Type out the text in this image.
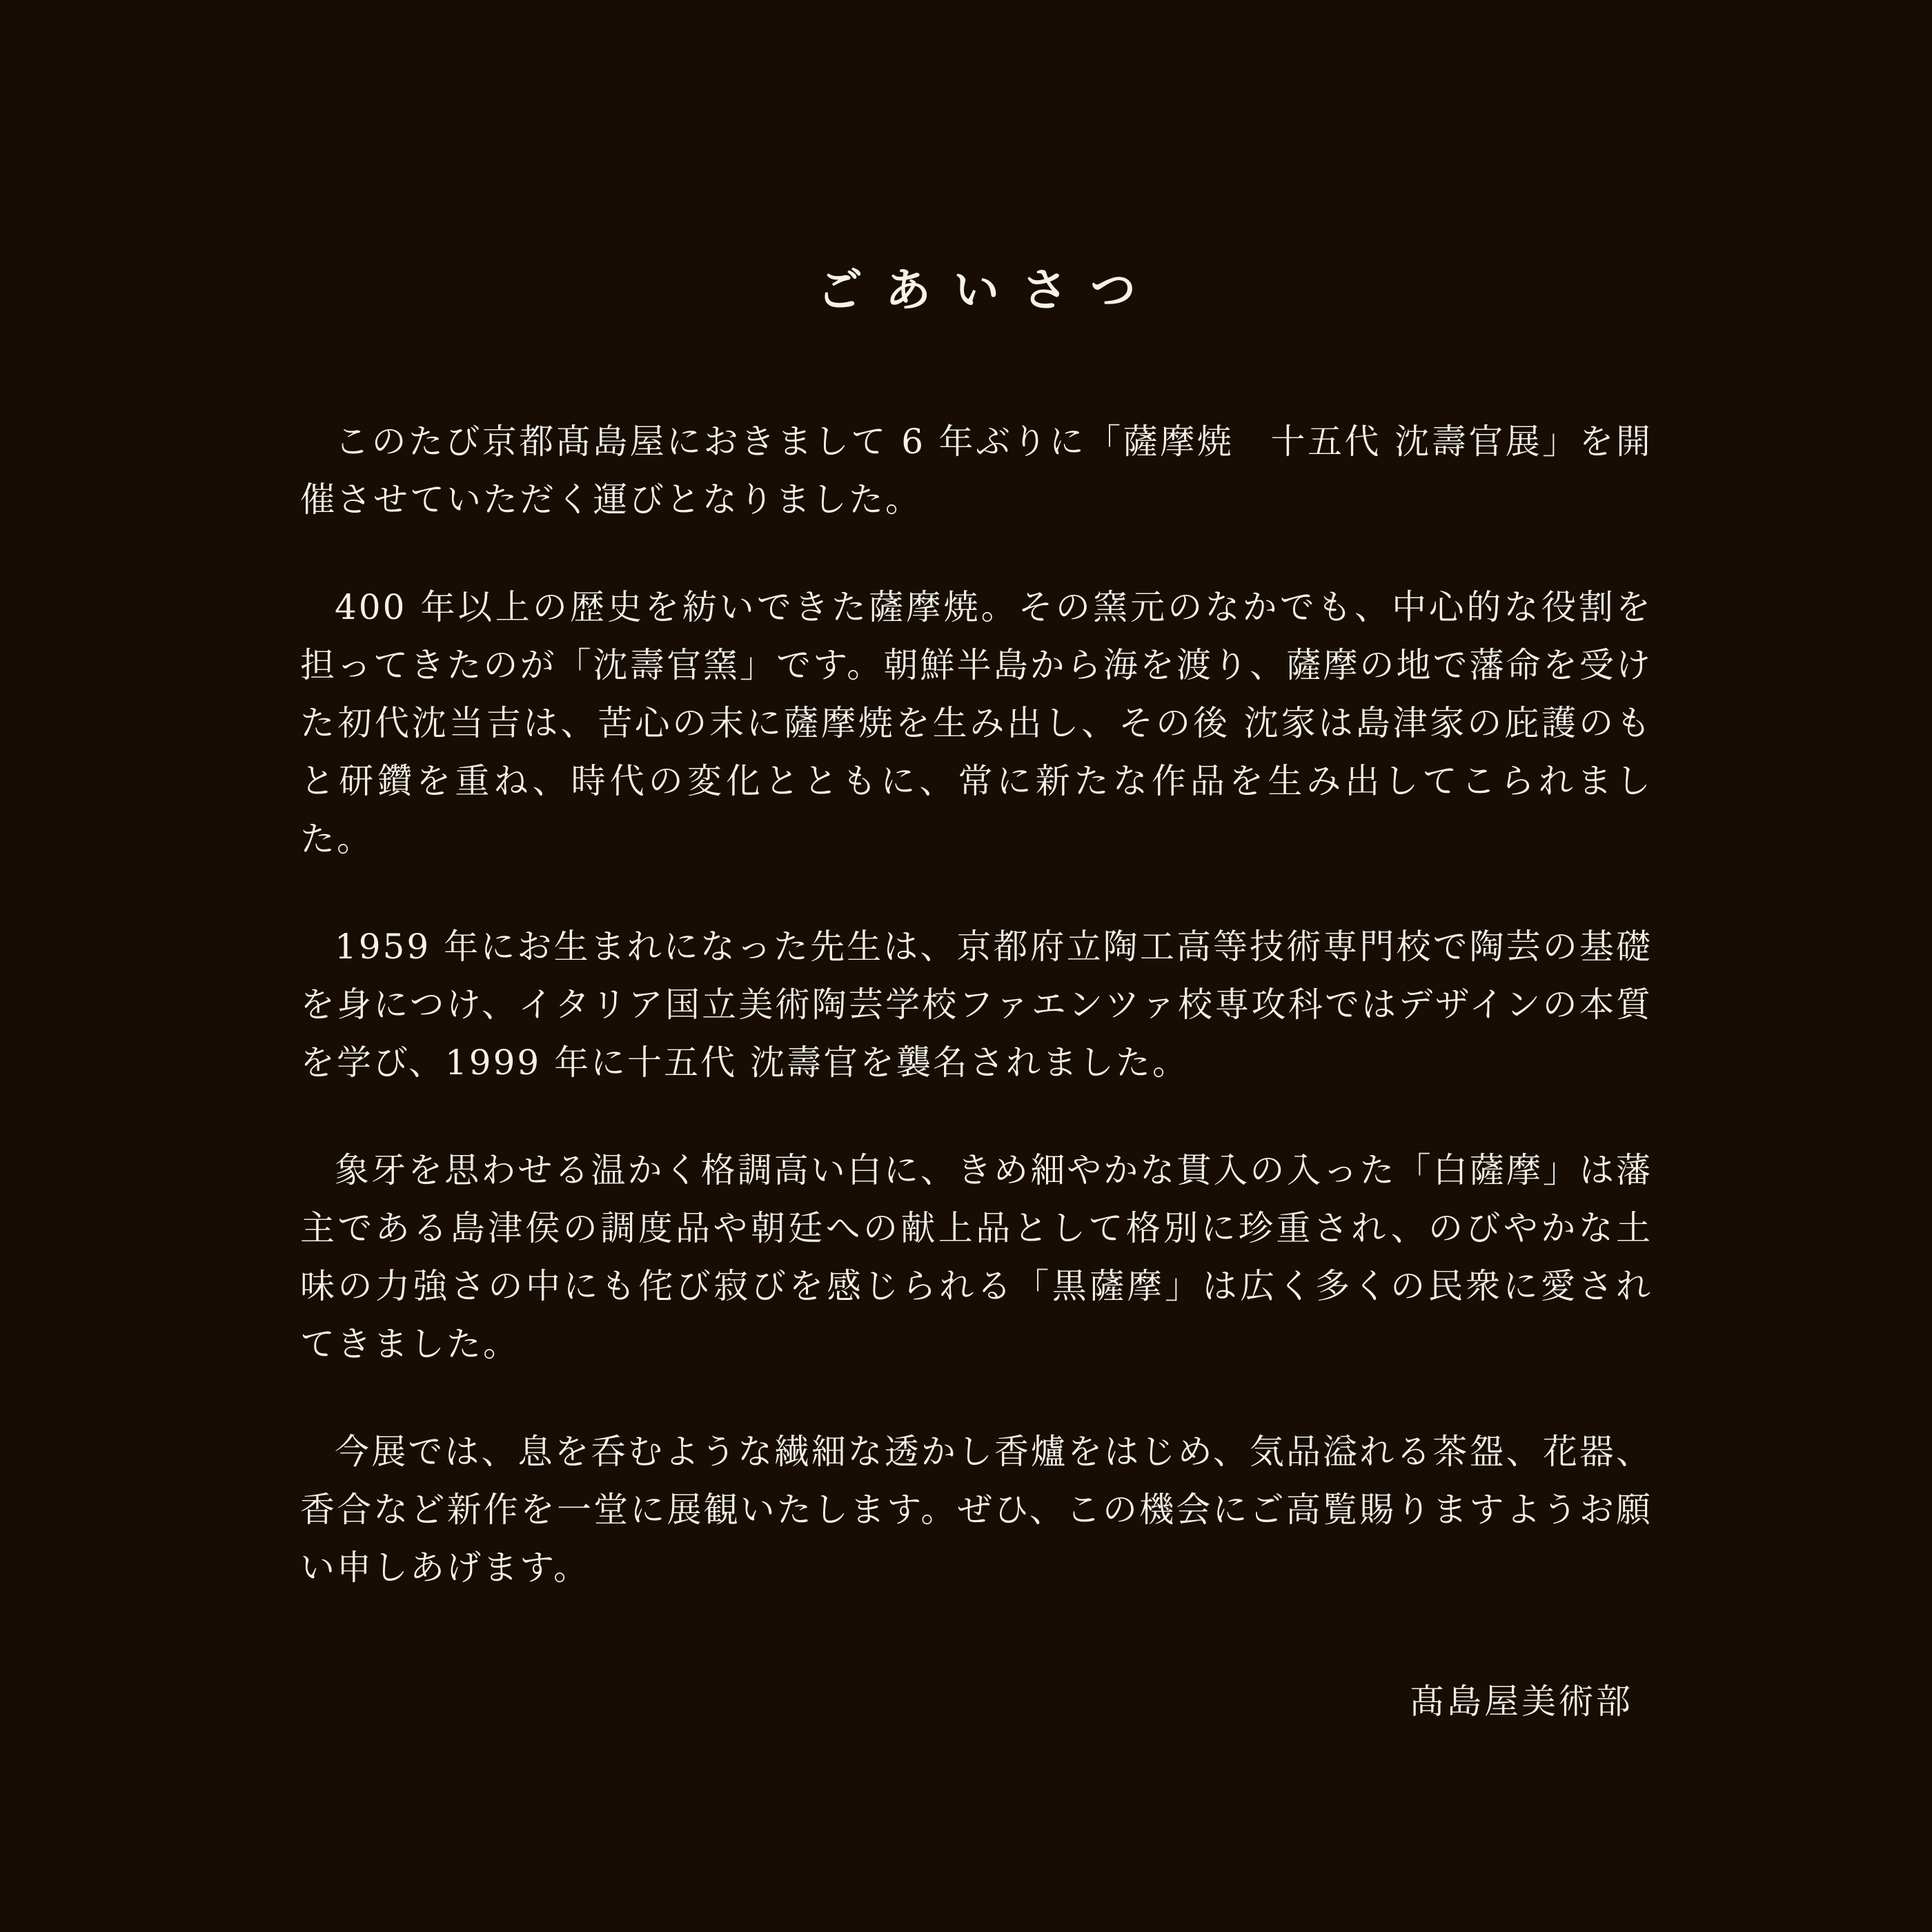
ごあいさつ

このたび京都髙島屋におきまして 6 年ぶりに「薩摩焼　十五代 沈壽官展」を開催させていただく運びとなりました。

400 年以上の歴史を紡いできた薩摩焼。その窯元のなかでも、中心的な役割を担ってきたのが「沈壽官窯」です。朝鮮半島から海を渡り、薩摩の地で藩命を受けた初代沈当吉は、苦心の末に薩摩焼を生み出し、その後 沈家は島津家の庇護のもと研鑽を重ね、時代の変化とともに、常に新たな作品を生み出してこられました。

1959 年にお生まれになった先生は、京都府立陶工高等技術専門校で陶芸の基礎を身につけ、イタリア国立美術陶芸学校ファエンツァ校専攻科ではデザインの本質を学び、1999 年に十五代 沈壽官を襲名されました。

象牙を思わせる温かく格調高い白に、きめ細やかな貫入の入った「白薩摩」は藩主である島津侯の調度品や朝廷への献上品として格別に珍重され、のびやかな土味の力強さの中にも侘び寂びを感じられる「黒薩摩」は広く多くの民衆に愛されてきました。

今展では、息を呑むような繊細な透かし香爐をはじめ、気品溢れる茶盌、花器、香合など新作を一堂に展観いたします。ぜひ、この機会にご高覧賜りますようお願い申しあげます。

髙島屋美術部
